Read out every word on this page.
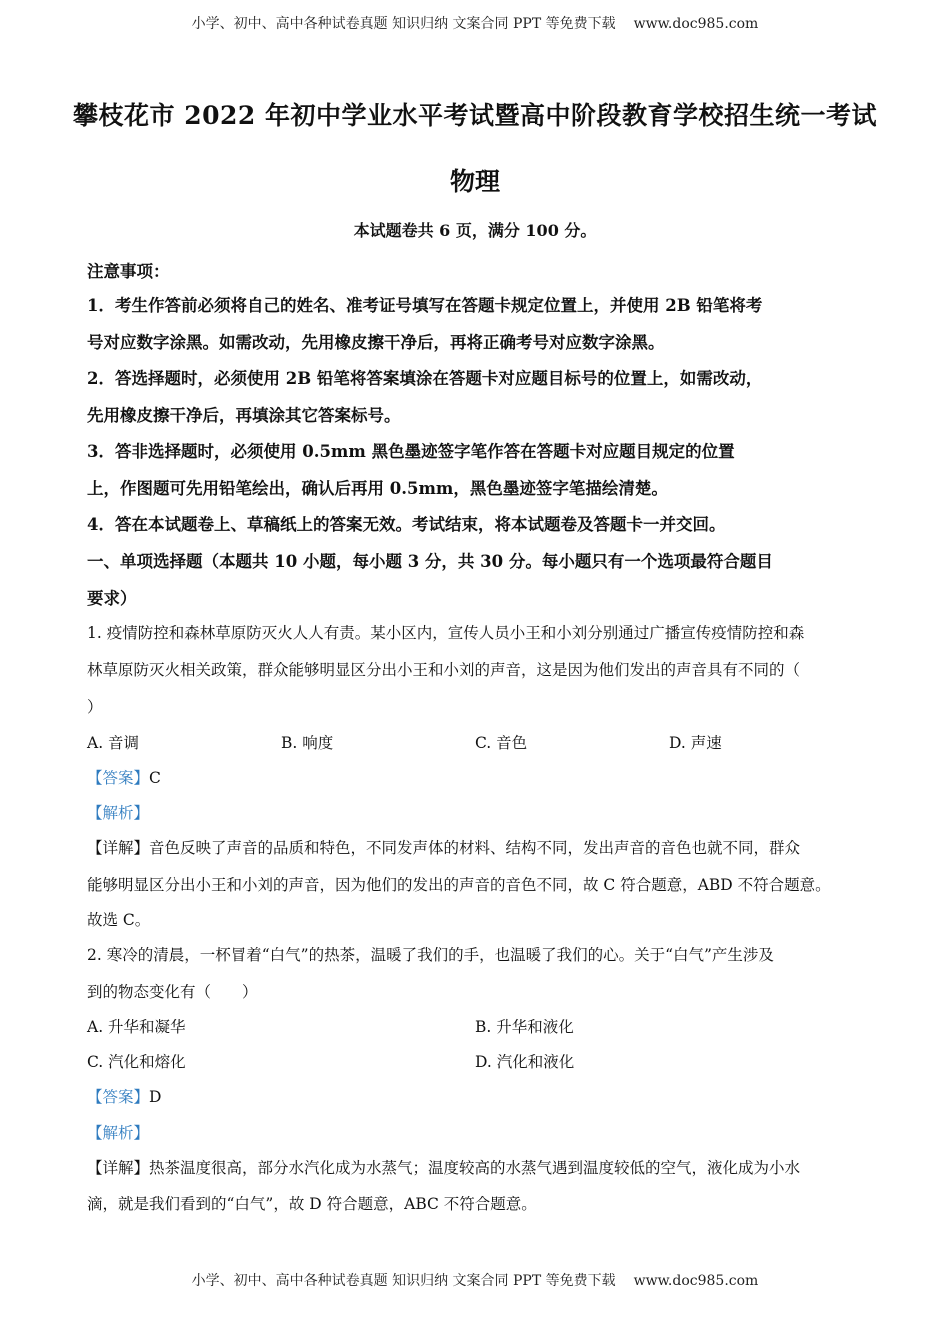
小学、初中、高中各种试卷真题 知识归纳 文案合同 PPT 等免费下载 www.doc985.com
攀枝花市 2022 年初中学业水平考试暨高中阶段教育学校招生统一考试
物理
本试题卷共 6 页，满分 100 分。
注意事项：
1．考生作答前必须将自己的姓名、准考证号填写在答题卡规定位置上，并使用 2B 铅笔将考
号对应数字涂黑。如需改动，先用橡皮擦干净后，再将正确考号对应数字涂黑。
2．答选择题时，必须使用 2B 铅笔将答案填涂在答题卡对应题目标号的位置上，如需改动，
先用橡皮擦干净后，再填涂其它答案标号。
3．答非选择题时，必须使用 0.5mm 黑色墨迹签字笔作答在答题卡对应题目规定的位置
上，作图题可先用铅笔绘出，确认后再用 0.5mm，黑色墨迹签字笔描绘清楚。
4．答在本试题卷上、草稿纸上的答案无效。考试结束，将本试题卷及答题卡一并交回。
一、单项选择题（本题共 10 小题，每小题 3 分，共 30 分。每小题只有一个选项最符合题目
要求）
1. 疫情防控和森林草原防灭火人人有责。某小区内，宣传人员小王和小刘分别通过广播宣传疫情防控和森
林草原防灭火相关政策，群众能够明显区分出小王和小刘的声音，这是因为他们发出的声音具有不同的（
）
A. 音调	B. 响度	C. 音色	D. 声速
【答案】C
【解析】
【详解】音色反映了声音的品质和特色，不同发声体的材料、结构不同，发出声音的音色也就不同，群众
能够明显区分出小王和小刘的声音，因为他们的发出的声音的音色不同，故 C 符合题意，ABD 不符合题意。
故选 C。
2. 寒冷的清晨，一杯冒着“白气”的热茶，温暖了我们的手，也温暖了我们的心。关于“白气”产生涉及
到的物态变化有（　　）
A. 升华和凝华	B. 升华和液化
C. 汽化和熔化	D. 汽化和液化
【答案】D
【解析】
【详解】热茶温度很高，部分水汽化成为水蒸气；温度较高的水蒸气遇到温度较低的空气，液化成为小水
滴，就是我们看到的“白气”，故 D 符合题意，ABC 不符合题意。
小学、初中、高中各种试卷真题 知识归纳 文案合同 PPT 等免费下载 www.doc985.com
